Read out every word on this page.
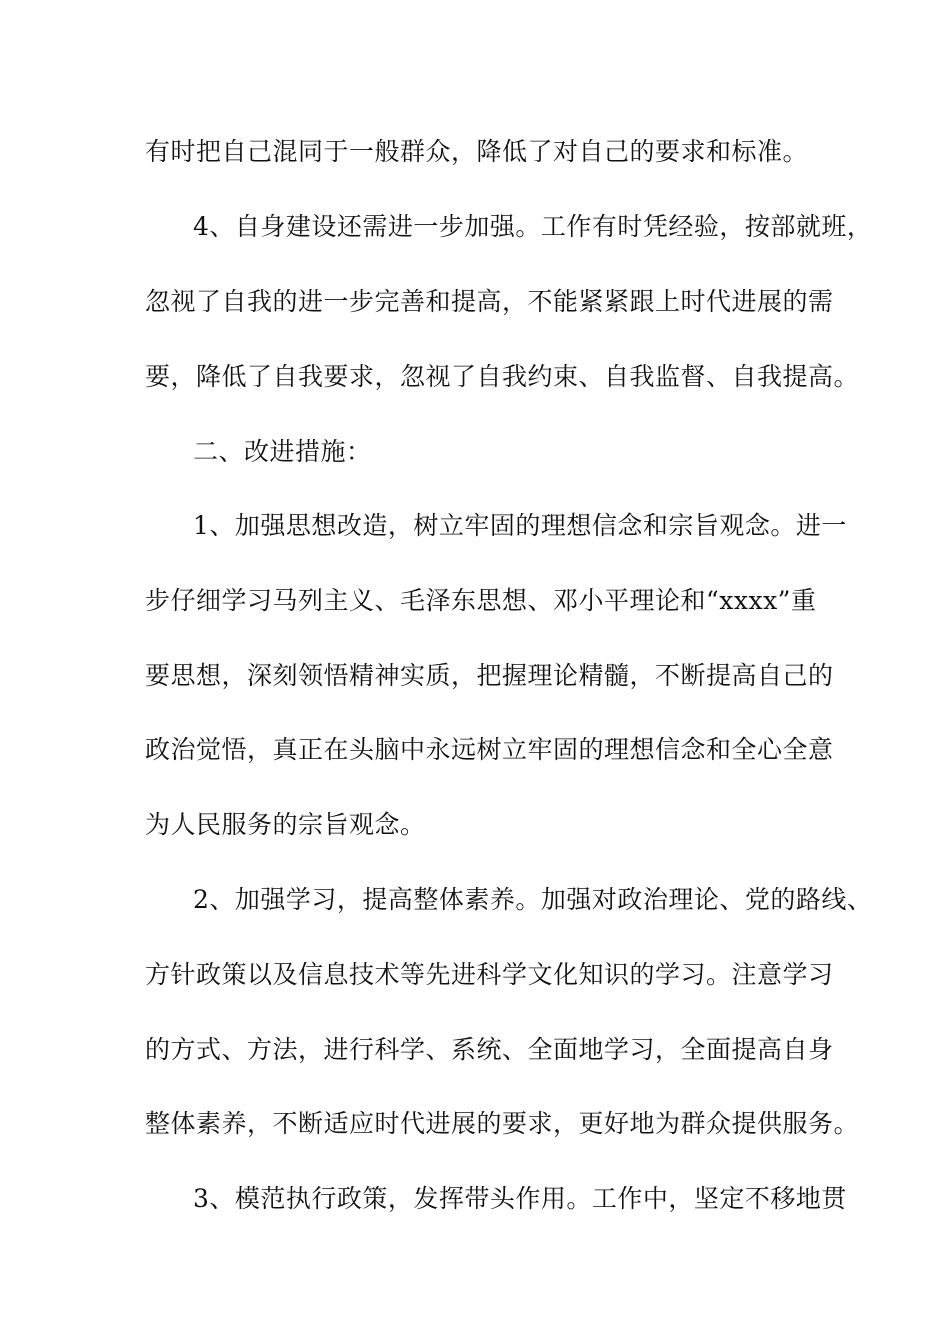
有时把自己混同于一般群众，降低了对自己的要求和标准。
4、自身建设还需进一步加强。工作有时凭经验，按部就班，
忽视了自我的进一步完善和提高，不能紧紧跟上时代进展的需
要，降低了自我要求，忽视了自我约束、自我监督、自我提高。
二、改进措施：
1、加强思想改造，树立牢固的理想信念和宗旨观念。进一
步仔细学习马列主义、毛泽东思想、邓小平理论和“xxxx”重
要思想，深刻领悟精神实质，把握理论精髓，不断提高自己的
政治觉悟，真正在头脑中永远树立牢固的理想信念和全心全意
为人民服务的宗旨观念。
2、加强学习，提高整体素养。加强对政治理论、党的路线、
方针政策以及信息技术等先进科学文化知识的学习。注意学习
的方式、方法，进行科学、系统、全面地学习，全面提高自身
整体素养，不断适应时代进展的要求，更好地为群众提供服务。
3、模范执行政策，发挥带头作用。工作中，坚定不移地贯
